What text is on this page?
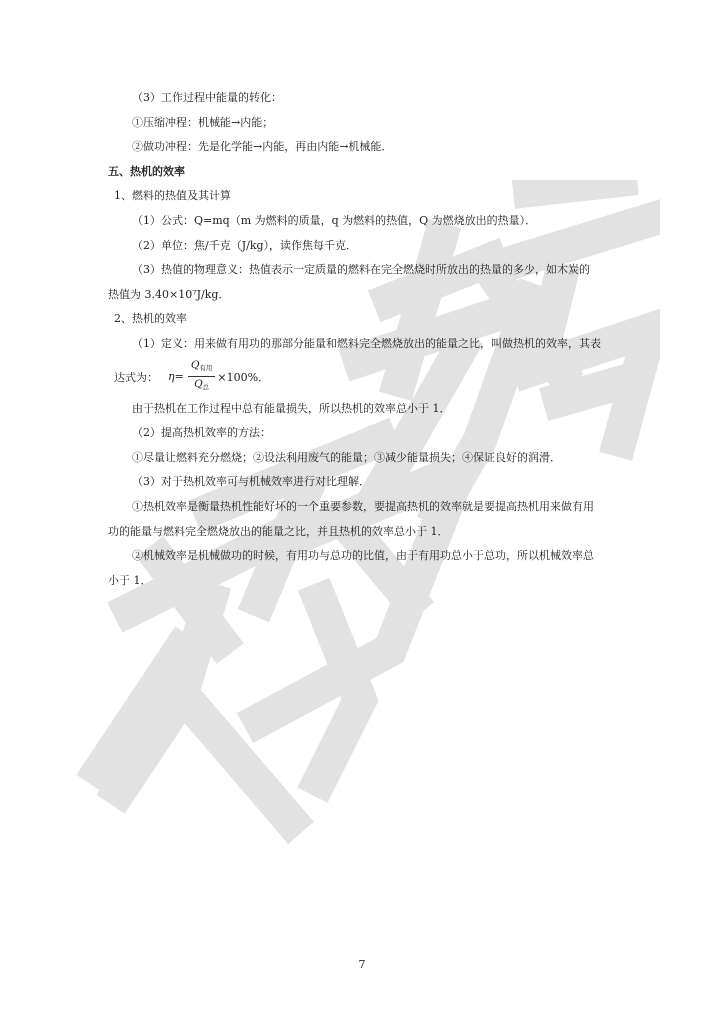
（3）工作过程中能量的转化：
①压缩冲程：机械能→内能；
②做功冲程：先是化学能→内能，再由内能→机械能．
五、热机的效率
1、燃料的热值及其计算
（1）公式：Q=mq（m 为燃料的质量，q 为燃料的热值，Q 为燃烧放出的热量）．
（2）单位：焦/千克（J/kg），读作焦每千克．
（3）热值的物理意义：热值表示一定质量的燃料在完全燃烧时所放出的热量的多少，如木炭的
热值为 3.40×10⁷J/kg．
2、热机的效率
（1）定义：用来做有用功的那部分能量和燃料完全燃烧放出的能量之比，叫做热机的效率，其表
达式为： $\eta= \frac{\text{Q有用}}{\text{Q总}} \times 100\%$．
由于热机在工作过程中总有能量损失，所以热机的效率总小于 1．
（2）提高热机效率的方法：
①尽量让燃料充分燃烧；②设法利用废气的能量；③减少能量损失；④保证良好的润滑．
（3）对于热机效率可与机械效率进行对比理解．
①热机效率是衡量热机性能好坏的一个重要参数，要提高热机的效率就是要提高热机用来做有用
功的能量与燃料完全燃烧放出的能量之比，并且热机的效率总小于 1．
②机械效率是机械做功的时候，有用功与总功的比值，由于有用功总小于总功，所以机械效率总
小于 1．
7
